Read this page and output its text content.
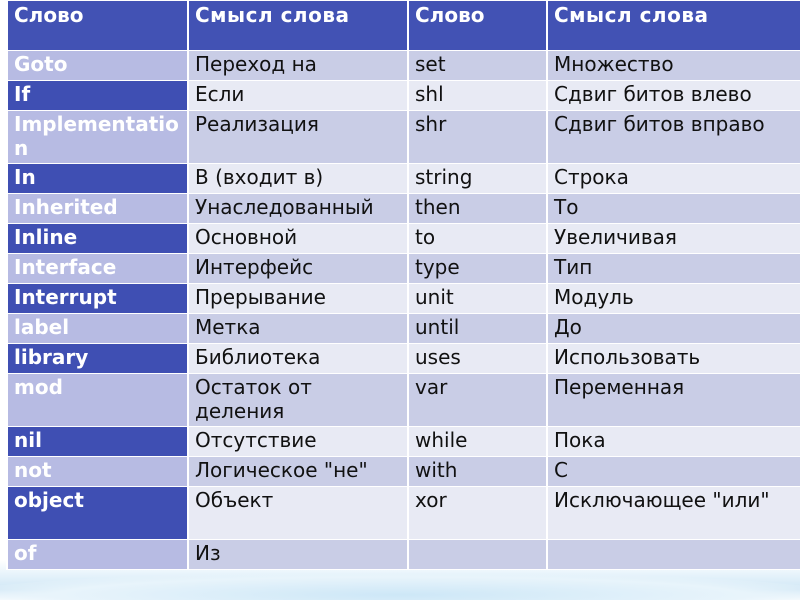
Слово	Смысл слова	Слово	Смысл слова
Goto	Переход на	set	Множество
If	Если	shl	Сдвиг битов влево
Implementation	Реализация	shr	Сдвиг битов вправо
In	В (входит в)	string	Строка
Inherited	Унаследованный	then	То
Inline	Основной	to	Увеличивая
Interface	Интерфейс	type	Тип
Interrupt	Прерывание	unit	Модуль
label	Метка	until	До
library	Библиотека	uses	Использовать
mod	Остаток от деления	var	Переменная
nil	Отсутствие	while	Пока
not	Логическое "не"	with	С
object	Объект	xor	Исключающее "или"
of	Из		
